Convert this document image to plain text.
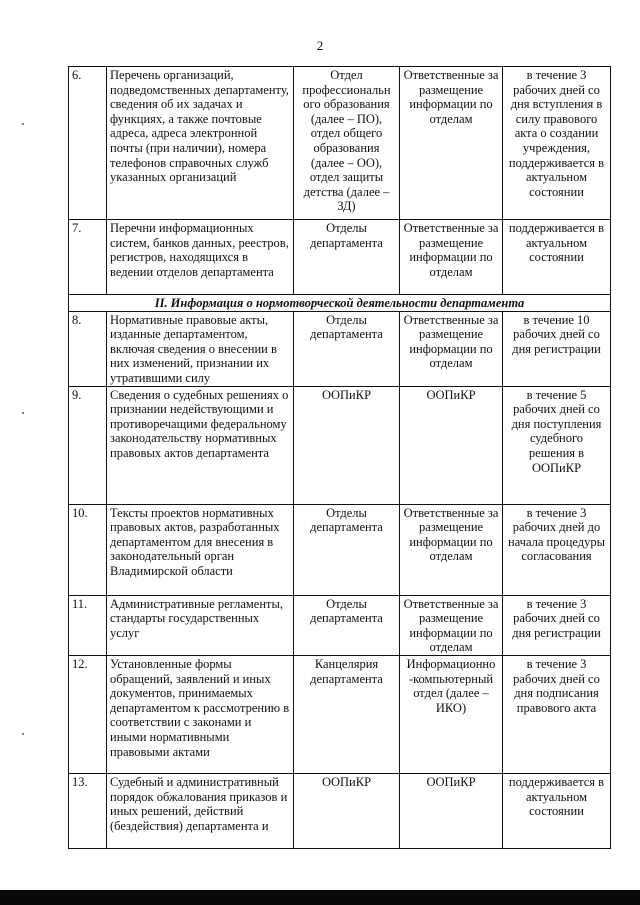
2
6.	Перечень организаций, подведомственных департаменту, сведения об их задачах и функциях, а также почтовые адреса, адреса электронной почты (при наличии), номера телефонов справочных служб указанных организаций	Отдел профессиональн ого образования (далее – ПО), отдел общего образования (далее – ОО), отдел защиты детства (далее – ЗД)	Ответственные за размещение информации по отделам	в течение 3 рабочих дней со дня вступления в силу правового акта о создании учреждения, поддерживается в актуальном состоянии
7.	Перечни информационных систем, банков данных, реестров, регистров, находящихся в ведении отделов департамента	Отделы департамента	Ответственные за размещение информации по отделам	поддерживается в актуальном состоянии
II. Информация о нормотворческой деятельности департамента				
8.	Нормативные правовые акты, изданные департаментом, включая сведения о внесении в них изменений, признании их утратившими силу	Отделы департамента	Ответственные за размещение информации по отделам	в течение 10 рабочих дней со дня регистрации
9.	Сведения о судебных решениях о признании недействующими и противоречащими федеральному законодательству нормативных правовых актов департамента	ООПиКР	ООПиКР	в течение 5 рабочих дней со дня поступления судебного решения в ООПиКР
10.	Тексты проектов нормативных правовых актов, разработанных департаментом для внесения в законодательный орган Владимирской области	Отделы департамента	Ответственные за размещение информации по отделам	в течение 3 рабочих дней до начала процедуры согласования
11.	Административные регламенты, стандарты государственных услуг	Отделы департамента	Ответственные за размещение информации по отделам	в течение 3 рабочих дней со дня регистрации
12.	Установленные формы обращений, заявлений и иных документов, принимаемых департаментом к рассмотрению в соответствии с законами и иными нормативными правовыми актами	Канцелярия департамента	Информационно -компьютерный отдел (далее – ИКО)	в течение 3 рабочих дней со дня подписания правового акта
13.	Судебный и административный порядок обжалования приказов и иных решений, действий (бездействия) департамента и	ООПиКР	ООПиКР	поддерживается в актуальном состоянии
